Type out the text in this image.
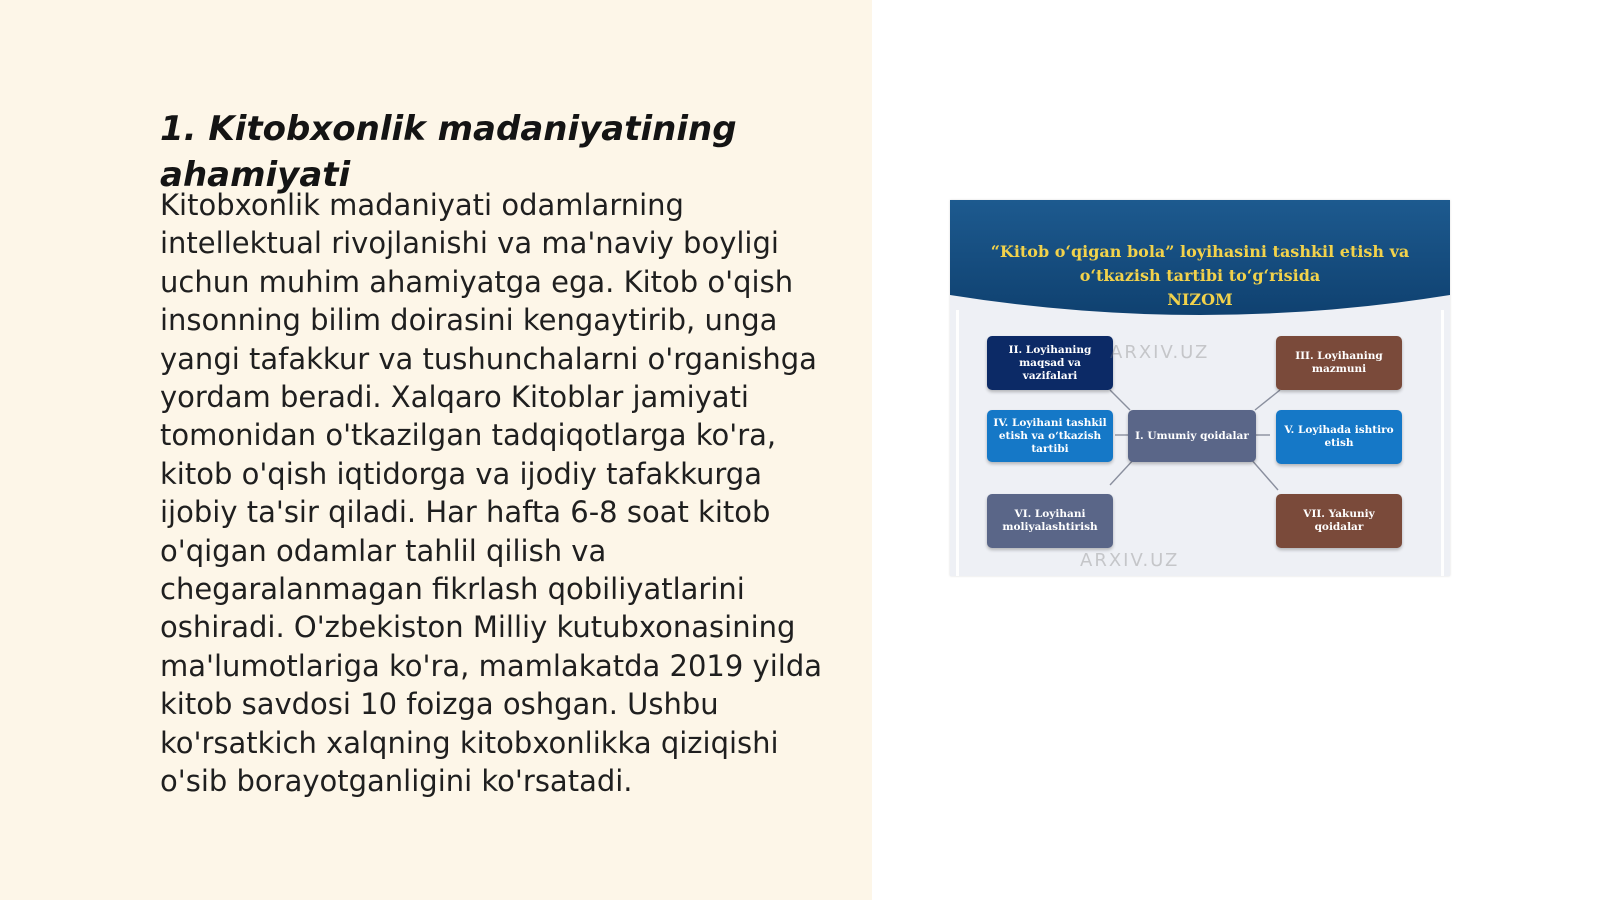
1. Kitobxonlik madaniyatining ahamiyati

Kitobxonlik madaniyati odamlarning intellektual rivojlanishi va ma'naviy boyligi uchun muhim ahamiyatga ega. Kitob o'qish insonning bilim doirasini kengaytirib, unga yangi tafakkur va tushunchalarni o'rganishga yordam beradi. Xalqaro Kitoblar jamiyati tomonidan o'tkazilgan tadqiqotlarga ko'ra, kitob o'qish iqtidorga va ijodiy tafakkurga ijobiy ta'sir qiladi. Har hafta 6-8 soat kitob o'qigan odamlar tahlil qilish va chegaralanmagan fikrlash qobiliyatlarini oshiradi. O'zbekiston Milliy kutubxonasining ma'lumotlariga ko'ra, mamlakatda 2019 yilda kitob savdosi 10 foizga oshgan. Ushbu ko'rsatkich xalqning kitobxonlikka qiziqishi o'sib borayotganligini ko'rsatadi.

“Kitob o‘qigan bola” loyihasini tashkil etish va o‘tkazish tartibi to‘g‘risida
NIZOM
I. Umumiy qoidalar
II. Loyihaning maqsad va vazifalari
III. Loyihaning mazmuni
IV. Loyihani tashkil etish va o‘tkazish tartibi
V. Loyihada ishtiro etish
VI. Loyihani moliyalashtirish
VII. Yakuniy qoidalar
ARXIV.UZ
ARXIV.UZ
